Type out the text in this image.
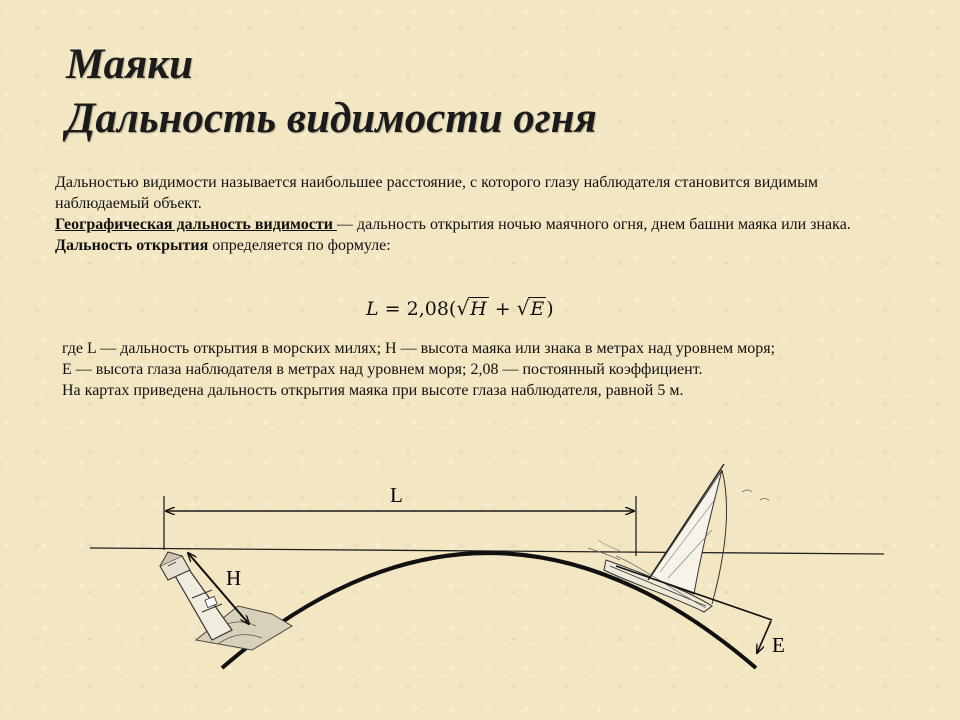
Маяки
Дальность видимости огня

Дальностью видимости называется наибольшее расстояние, с которого глазу наблюдателя становится видимым наблюдаемый объект.

Географическая дальность видимости — дальность открытия ночью маячного огня, днем башни маяка или знака.

Дальность открытия определяется по формуле:

L = 2,08(√H + √E )

где L — дальность открытия в морских милях; H — высота маяка или знака в метрах над уровнем моря;

E — высота глаза наблюдателя в метрах над уровнем моря; 2,08 — постоянный коэффициент.

На картах приведена дальность открытия маяка при высоте глаза наблюдателя, равной 5 м.

L
H
E
